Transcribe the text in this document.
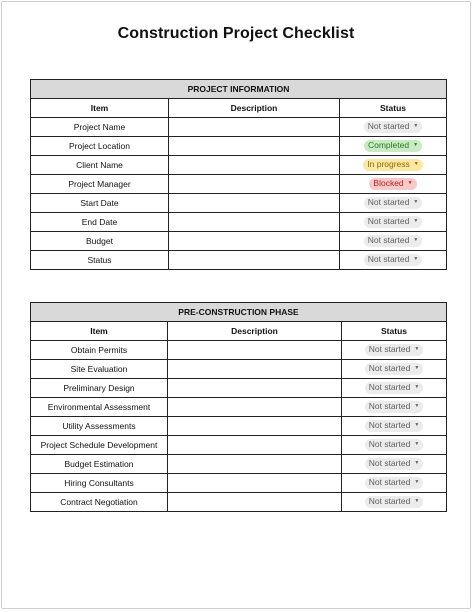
Construction Project Checklist
PROJECT INFORMATION		
Item	Description	Status
Project Name		Not started ▼
Project Location		Completed ▼
Client Name		In progress ▼
Project Manager		Blocked ▼
Start Date		Not started ▼
End Date		Not started ▼
Budget		Not started ▼
Status		Not started ▼
PRE-CONSTRUCTION PHASE		
Item	Description	Status
Obtain Permits		Not started ▼
Site Evaluation		Not started ▼
Preliminary Design		Not started ▼
Environmental Assessment		Not started ▼
Utility Assessments		Not started ▼
Project Schedule Development		Not started ▼
Budget Estimation		Not started ▼
Hiring Consultants		Not started ▼
Contract Negotiation		Not started ▼
